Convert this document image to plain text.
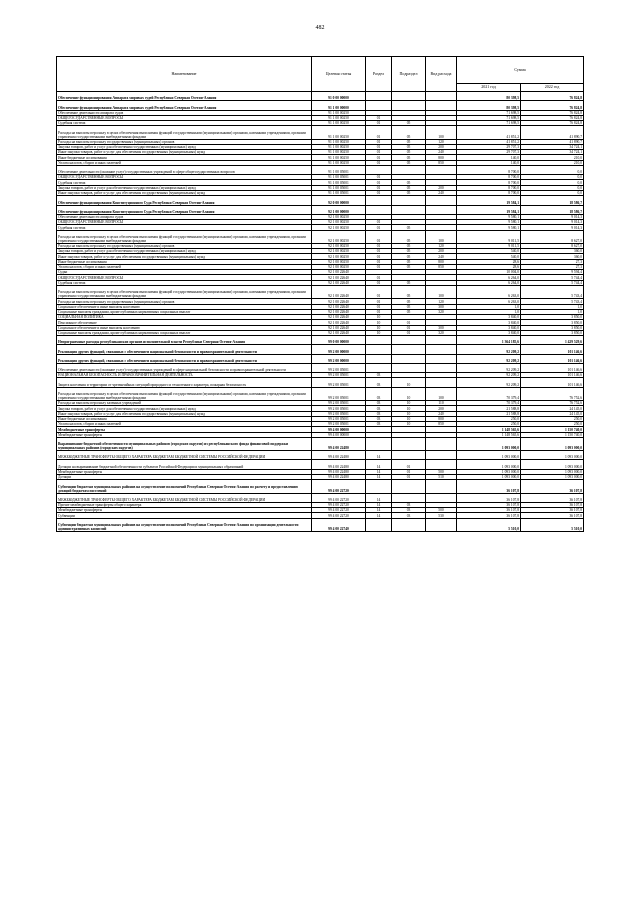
482
Наименование	Целевая статья	Раздел	Подраздел	Вид расхода	Сумма	
					2021 год	2022 год
Обеспечение функционирования Аппарата мировых судей Республики Северная Осетия-Алания	91 0 00 00000				80 398,5	76 824,8
Обеспечение функционирования Аппарата мировых судей Республики Северная Осетия-Алания	91 1 00 00000				80 398,5	76 824,8
Обеспечение деятельности аппарата судов	91 1 00 00250				71 698,5	76 824,8
ОБЩЕГОСУДАРСТВЕННЫЕ ВОПРОСЫ	91 1 00 00250	01			71 698,5	76 824,8
Судебная система	91 1 00 00250	01	05		71 698,5	76 824,8
Расходы на выплаты персоналу в целях обеспечения выполнения функций государственными (муниципальными) органами, казенными учреждениями, органами управления государственными внебюджетными фондами	91 1 00 00250	01	05	100	41 851,2	41 890,7
Расходы на выплаты персоналу государственных (муниципальных) органов	91 1 00 00250	01	05	120	41 851,2	41 890,7
Закупка товаров, работ и услуг для обеспечения государственных (муниципальных) нужд	91 1 00 00250	01	05	200	29 707,3	34 724,1
Иные закупки товаров, работ и услуг для обеспечения государственных (муниципальных) нужд	91 1 00 00250	01	05	240	29 707,3	34 724,1
Иные бюджетные ассигнования	91 1 00 00250	01	05	800	140,0	210,0
Уплата налогов, сборов и иных платежей	91 1 00 00250	01	05	850	140,0	210,0
Обеспечение деятельности (оказание услуг) государственных учреждений в сфере общегосударственных вопросов	91 1 00 05001				8 700,0	0,0
ОБЩЕГОСУДАРСТВЕННЫЕ ВОПРОСЫ	91 1 00 05001	01			8 700,0	0,0
Судебная система	91 1 00 05001	01	05		8 700,0	0,0
Закупка товаров, работ и услуг для обеспечения государственных (муниципальных) нужд	91 1 00 05001	01	05	200	8 700,0	0,0
Иные закупки товаров, работ и услуг для обеспечения государственных (муниципальных) нужд	91 1 00 05001	01	05	240	8 700,0	0,0
Обеспечение функционирования Конституционного Суда Республики Северная Осетия-Алания	92 0 00 00000				19 584,1	18 586,7
Обеспечение функционирования Конституционного Суда Республики Северная Осетия-Алания	92 1 00 00000				19 584,1	18 586,7
Обеспечение деятельности аппарата судов	92 1 00 00250				9 580,1	9 014,3
ОБЩЕГОСУДАРСТВЕННЫЕ ВОПРОСЫ	92 1 00 00250	01			9 580,1	9 014,3
Судебная система	92 1 00 00250	01	05		9 580,1	9 014,3
Расходы на выплаты персоналу в целях обеспечения выполнения функций государственными (муниципальными) органами, казенными учреждениями, органами управления государственными внебюджетными фондами	92 1 00 00250	01	05	100	9 011,5	8 627,0
Расходы на выплаты персоналу государственных (муниципальных) органов	92 1 00 00250	01	05	120	9 011,5	8 627,0
Закупка товаров, работ и услуг для обеспечения государственных (муниципальных) нужд	92 1 00 00250	01	05	200	540,0	360,0
Иные закупки товаров, работ и услуг для обеспечения государственных (муниципальных) нужд	92 1 00 00250	01	05	240	540,0	360,0
Иные бюджетные ассигнования	92 1 00 00250	01	05	800	28,6	27,3
Уплата налогов, сборов и иных платежей	92 1 00 00250	01	05	850	28,6	27,3
Судьи	92 1 00 22640				10 004,0	9 594,4
ОБЩЕГОСУДАРСТВЕННЫЕ ВОПРОСЫ	92 1 00 22640	01			6 264,0	5 744,4
Судебная система	92 1 00 22640	01	05		6 264,0	5 744,4
Расходы на выплаты персоналу в целях обеспечения выполнения функций государственными (муниципальными) органами, казенными учреждениями, органами управления государственными внебюджетными фондами	92 1 00 22640	01	05	100	6 263,0	5 743,4
Расходы на выплаты персоналу государственных (муниципальных) органов	92 1 00 22640	01	05	120	6 263,0	5 743,4
Социальное обеспечение и иные выплаты населению	92 1 00 22640	01	05	300	1,0	1,0
Социальные выплаты гражданам, кроме публичных нормативных социальных выплат	92 1 00 22640	01	05	320	1,0	1,0
СОЦИАЛЬНАЯ ПОЛИТИКА	92 1 00 22640	10			3 840,0	3 850,0
Пенсионное обеспечение	92 1 00 22640	10	01		3 840,0	3 850,0
Социальное обеспечение и иные выплаты населению	92 1 00 22640	10	01	300	3 840,0	3 850,0
Социальные выплаты гражданам, кроме публичных нормативных социальных выплат	92 1 00 22640	10	01	320	3 840,0	3 850,0
Непрограммные расходы республиканских органов исполнительной власти Республики Северная Осетия-Алания	99 0 00 00000				1 364 185,6	1 429 529,6
Реализация других функций, связанных с обеспечением национальной безопасности и правоохранительной деятельности	99 2 00 00000				92 209,2	101 146,6
Реализация других функций, связанных с обеспечением национальной безопасности и правоохранительной деятельности	99 2 00 00000				92 209,2	101 146,6
Обеспечение деятельности (оказание услуг) государственных учреждений в сфере национальной безопасности и правоохранительной деятельности	99 2 00 05001				92 209,2	101 146,6
НАЦИОНАЛЬНАЯ БЕЗОПАСНОСТЬ И ПРАВООХРАНИТЕЛЬНАЯ ДЕЯТЕЛЬНОСТЬ	99 2 00 05001	03			92 209,2	101 146,6
Защита населения и территории от чрезвычайных ситуаций природного и техногенного характера, пожарная безопасность	99 2 00 05001	03	10		92 209,2	101 146,6
Расходы на выплаты персоналу в целях обеспечения выполнения функций государственными (муниципальными) органами, казенными учреждениями, органами управления государственными внебюджетными фондами	99 2 00 05001	03	10	100	70 379,4	76 752,6
Расходы на выплаты персоналу казенных учреждений	99 2 00 05001	03	10	110	70 379,4	76 752,6
Закупка товаров, работ и услуг для обеспечения государственных (муниципальных) нужд	99 2 00 05001	03	10	200	21 588,8	24 145,0
Иные закупки товаров, работ и услуг для обеспечения государственных (муниципальных) нужд	99 2 00 05001	03	10	240	21 588,8	24 145,0
Иные бюджетные ассигнования	99 2 00 05001	03	10	800	250,0	250,0
Уплата налогов, сборов и иных платежей	99 2 00 05001	03	10	850	250,0	250,0
Межбюджетные трансферты	99 4 00 00000				1 148 565,6	1 150 740,0
Межбюджетные трансферты	99 4 00 00000				1 148 565,6	1 150 740,0
Выравнивание бюджетной обеспеченности муниципальных районов (городских округов) из республиканского фонда финансовой поддержки муниципальных районов (городских округов)	99 4 00 22480				1 093 000,0	1 093 000,0
МЕЖБЮДЖЕТНЫЕ ТРАНСФЕРТЫ ОБЩЕГО ХАРАКТЕРА БЮДЖЕТАМ БЮДЖЕТНОЙ СИСТЕМЫ РОССИЙСКОЙ ФЕДЕРАЦИИ	99 4 00 22480	14			1 093 000,0	1 093 000,0
Дотации на выравнивание бюджетной обеспеченности субъектов Российской Федерации и муниципальных образований	99 4 00 22480	14	01		1 093 000,0	1 093 000,0
Межбюджетные трансферты	99 4 00 22480	14	01	500	1 093 000,0	1 093 000,0
Дотации	99 4 00 22480	14	01	510	1 093 000,0	1 093 000,0
Субвенции бюджетам муниципальных районов на осуществление полномочий Республики Северная Осетия-Алания по расчету и предоставлению дотаций бюджетам поселений	99 4 00 22720				36 107,8	36 107,8
МЕЖБЮДЖЕТНЫЕ ТРАНСФЕРТЫ ОБЩЕГО ХАРАКТЕРА БЮДЖЕТАМ БЮДЖЕТНОЙ СИСТЕМЫ РОССИЙСКОЙ ФЕДЕРАЦИИ	99 4 00 22720	14			36 107,8	36 107,8
Прочие межбюджетные трансферты общего характера	99 4 00 22720	14	03		36 107,8	36 107,8
Межбюджетные трансферты	99 4 00 22720	14	03	500	36 107,8	36 107,8
Субвенции	99 4 00 22720	14	03	530	36 107,8	36 107,8
Субвенции бюджетам муниципальных районов на осуществление полномочий Республики Северная Осетия-Алания по организации деятельности административных комиссий	99 4 00 22740				5 510,0	5 510,0
